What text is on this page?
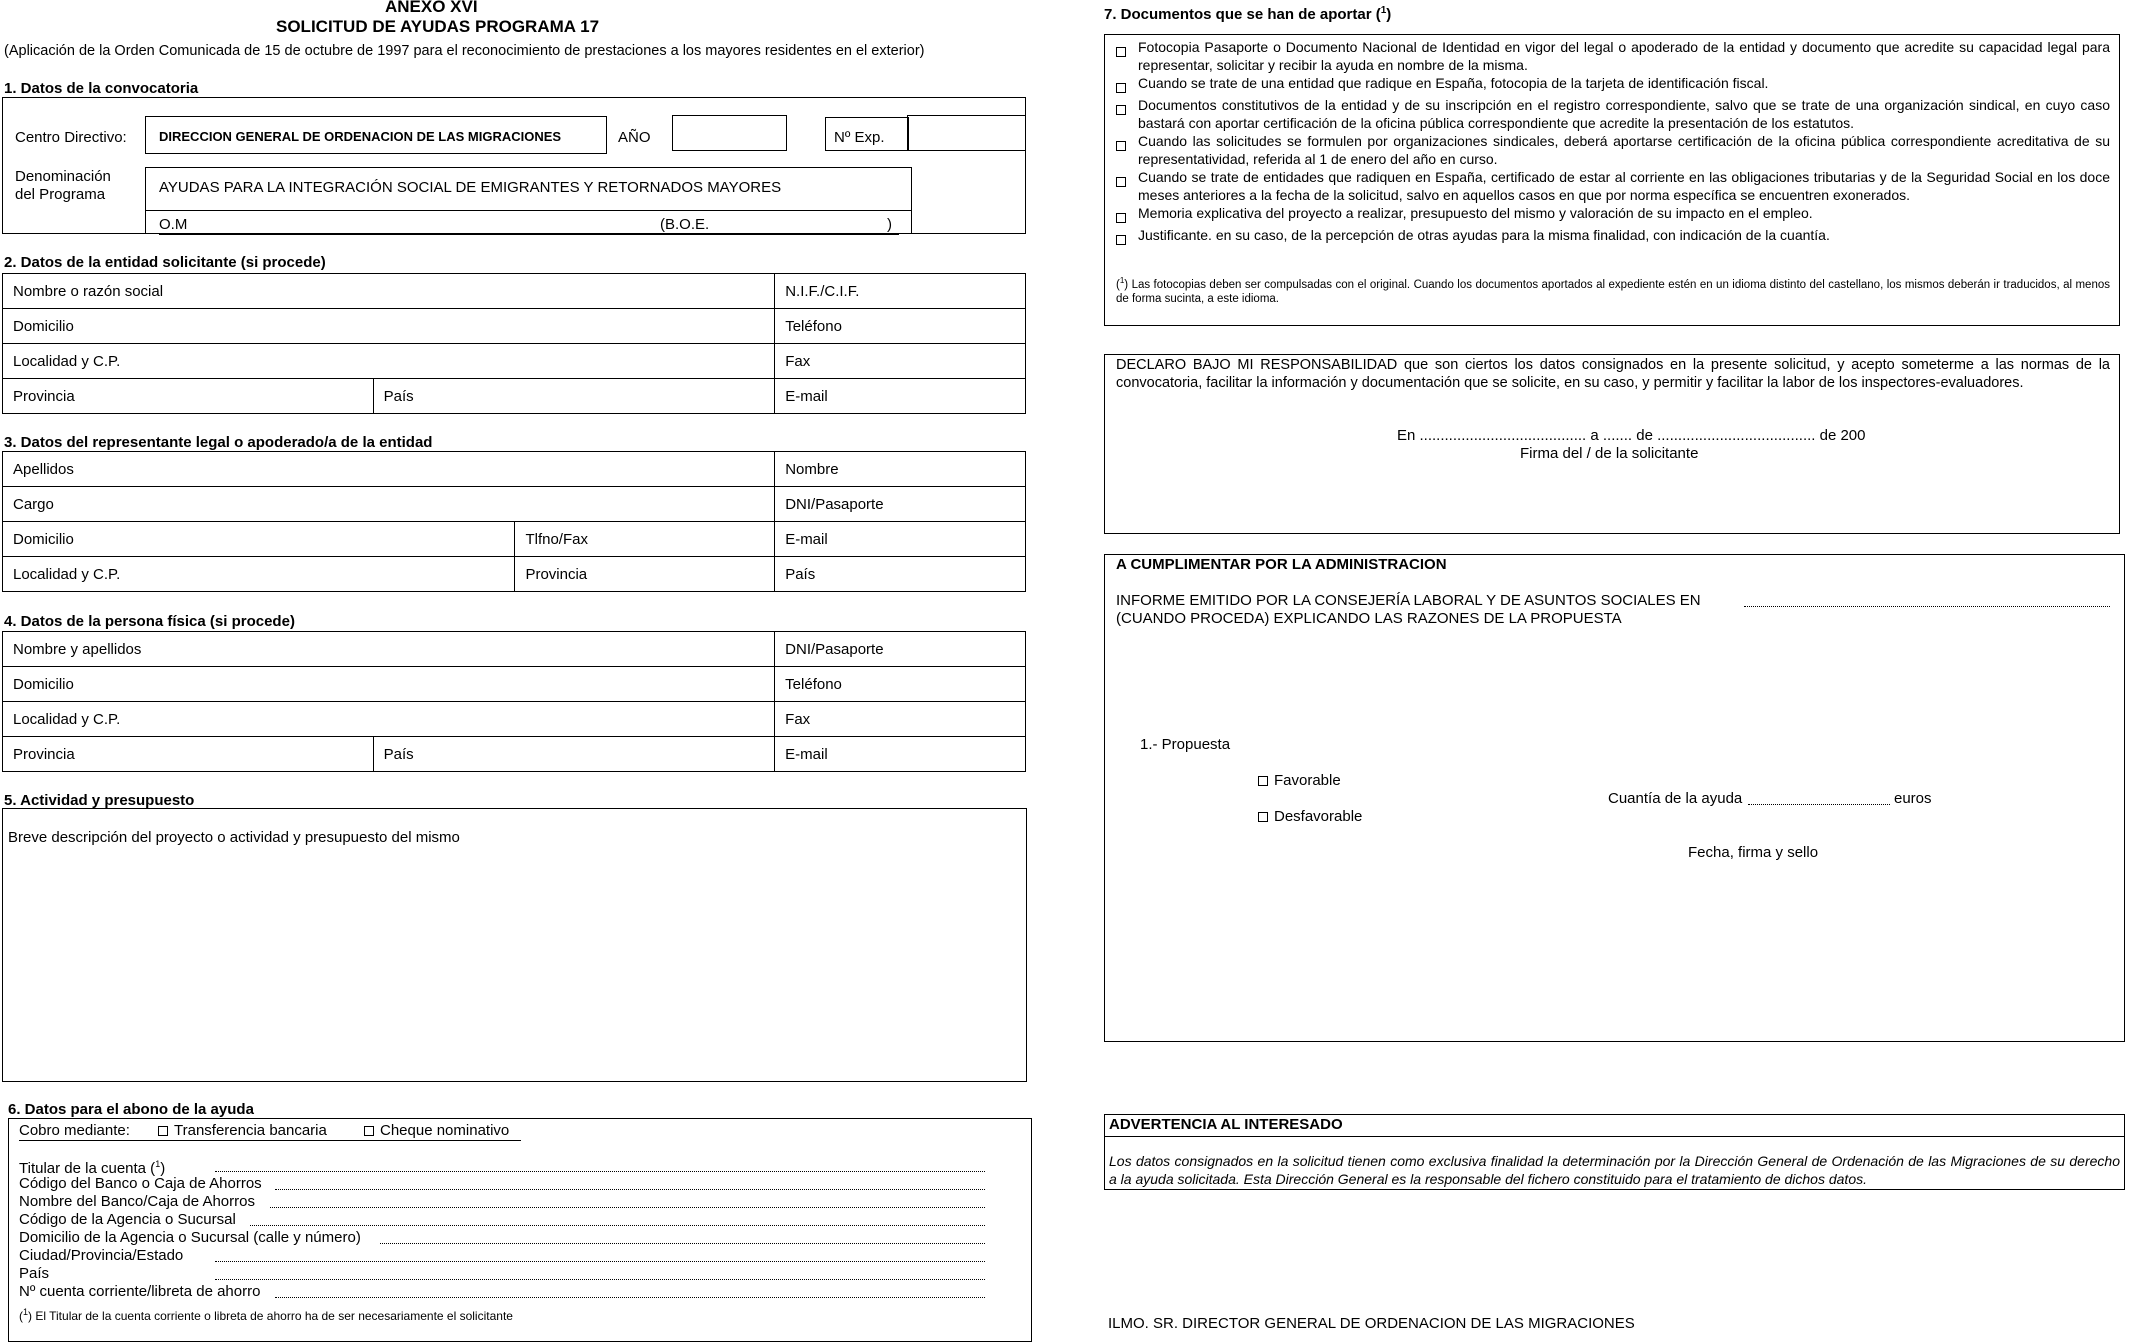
ANEXO XVI
SOLICITUD DE AYUDAS PROGRAMA 17
(Aplicación de la Orden Comunicada de 15 de octubre de 1997 para el reconocimiento de prestaciones a los mayores residentes en el exterior)
1. Datos de la convocatoria
Centro Directivo: DIRECCION GENERAL DE ORDENACION DE LAS MIGRACIONES	AÑO	Nº Exp.
Denominación
del Programa	AYUDAS PARA LA INTEGRACIÓN SOCIAL DE EMIGRANTES Y RETORNADOS MAYORES
O.M	(B.O.E.	)
2. Datos de la entidad solicitante (si procede)
Nombre o razón social		N.I.F./C.I.F.
Domicilio		Teléfono
Localidad y C.P.		Fax
Provincia	País	E-mail
3. Datos del representante legal o apoderado/a de la entidad
Apellidos		Nombre
Cargo		DNI/Pasaporte
Domicilio	Tlfno/Fax	E-mail
Localidad y C.P.	Provincia	País
4. Datos de la persona física (si procede)
Nombre y apellidos		DNI/Pasaporte
Domicilio		Teléfono
Localidad y C.P.		Fax
Provincia	País	E-mail
5. Actividad y presupuesto
Breve descripción del proyecto o actividad y presupuesto del mismo
6. Datos para el abono de la ayuda
Cobro mediante:	Transferencia bancaria	Cheque nominativo
Titular de la cuenta ($^1$)
Código del Banco o Caja de Ahorros
Nombre del Banco/Caja de Ahorros
Código de la Agencia o Sucursal
Domicilio de la Agencia o Sucursal (calle y número)
Ciudad/Provincia/Estado
País
Nº cuenta corriente/libreta de ahorro
($^1$) El Titular de la cuenta corriente o libreta de ahorro ha de ser necesariamente el solicitante
7. Documentos que se han de aportar ($^1$)
Fotocopia Pasaporte o Documento Nacional de Identidad en vigor del legal o apoderado de la entidad y documento que acredite su capacidad legal para representar, solicitar y recibir la ayuda en nombre de la misma.
Cuando se trate de una entidad que radique en España, fotocopia de la tarjeta de identificación fiscal.
Documentos constitutivos de la entidad y de su inscripción en el registro correspondiente, salvo que se trate de una organización sindical, en cuyo caso bastará con aportar certificación de la oficina pública correspondiente que acredite la presentación de los estatutos.
Cuando las solicitudes se formulen por organizaciones sindicales, deberá aportarse certificación de la oficina pública correspondiente acreditativa de su representatividad, referida al 1 de enero del año en curso.
Cuando se trate de entidades que radiquen en España, certificado de estar al corriente en las obligaciones tributarias y de la Seguridad Social en los doce meses anteriores a la fecha de la solicitud, salvo en aquellos casos en que por norma específica se encuentren exonerados.
Memoria explicativa del proyecto a realizar, presupuesto del mismo y valoración de su impacto en el empleo.
Justificante. en su caso, de la percepción de otras ayudas para la misma finalidad, con indicación de la cuantía.
($^1$) Las fotocopias deben ser compulsadas con el original. Cuando los documentos aportados al expediente estén en un idioma distinto del castellano, los mismos deberán ir traducidos, al menos de forma sucinta, a este idioma.
DECLARO BAJO MI RESPONSABILIDAD que son ciertos los datos consignados en la presente solicitud, y acepto someterme a las normas de la convocatoria, facilitar la información y documentación que se solicite, en su caso, y permitir y facilitar la labor de los inspectores-evaluadores.
En ........................................ a ....... de ...................................... de 200
Firma del / de la solicitante
A CUMPLIMENTAR POR LA ADMINISTRACION
INFORME EMITIDO POR LA CONSEJERÍA LABORAL Y DE ASUNTOS SOCIALES EN
(CUANDO PROCEDA) EXPLICANDO LAS RAZONES DE LA PROPUESTA
1.- Propuesta
Favorable
Desfavorable
Cuantía de la ayuda	euros
Fecha, firma y sello
ADVERTENCIA AL INTERESADO
Los datos consignados en la solicitud tienen como exclusiva finalidad la determinación por la Dirección General de Ordenación de las Migraciones de su derecho a la ayuda solicitada. Esta Dirección General es la responsable del fichero constituido para el tratamiento de dichos datos.
ILMO. SR. DIRECTOR GENERAL DE ORDENACION DE LAS MIGRACIONES
